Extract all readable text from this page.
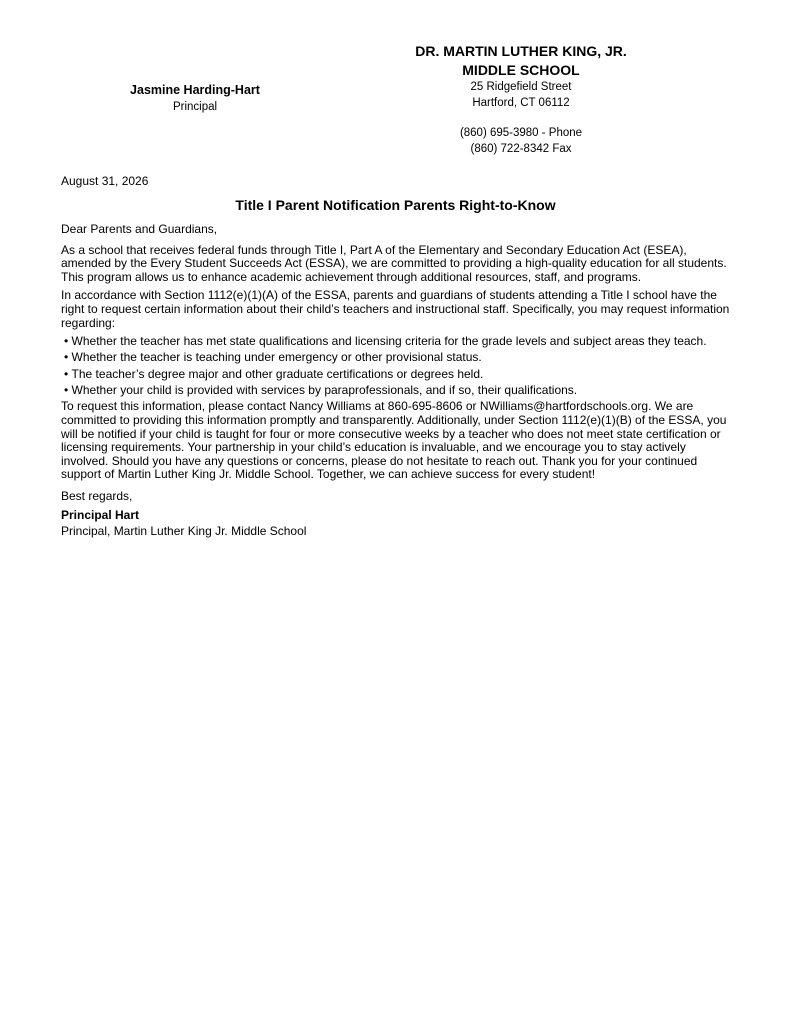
Jasmine Harding-Hart
Principal
DR. MARTIN LUTHER KING, JR.
MIDDLE SCHOOL
25 Ridgefield Street
Hartford, CT 06112
(860) 695-3980 - Phone
(860) 722-8342 Fax
August 31, 2026
Title I Parent Notification Parents Right-to-Know

Dear Parents and Guardians,

As a school that receives federal funds through Title I, Part A of the Elementary and Secondary Education Act (ESEA), amended by the Every Student Succeeds Act (ESSA), we are committed to providing a high-quality education for all students. This program allows us to enhance academic achievement through additional resources, staff, and programs.

In accordance with Section 1112(e)(1)(A) of the ESSA, parents and guardians of students attending a Title I school have the right to request certain information about their child’s teachers and instructional staff. Specifically, you may request information regarding:

• Whether the teacher has met state qualifications and licensing criteria for the grade levels and subject areas they teach.
• Whether the teacher is teaching under emergency or other provisional status.
• The teacher’s degree major and other graduate certifications or degrees held.
• Whether your child is provided with services by paraprofessionals, and if so, their qualifications.

To request this information, please contact Nancy Williams at 860-695-8606 or NWilliams@hartfordschools.org. We are committed to providing this information promptly and transparently. Additionally, under Section 1112(e)(1)(B) of the ESSA, you will be notified if your child is taught for four or more consecutive weeks by a teacher who does not meet state certification or licensing requirements. Your partnership in your child’s education is invaluable, and we encourage you to stay actively involved. Should you have any questions or concerns, please do not hesitate to reach out. Thank you for your continued support of Martin Luther King Jr. Middle School. Together, we can achieve success for every student!

Best regards,

Principal Hart

Principal, Martin Luther King Jr. Middle School
